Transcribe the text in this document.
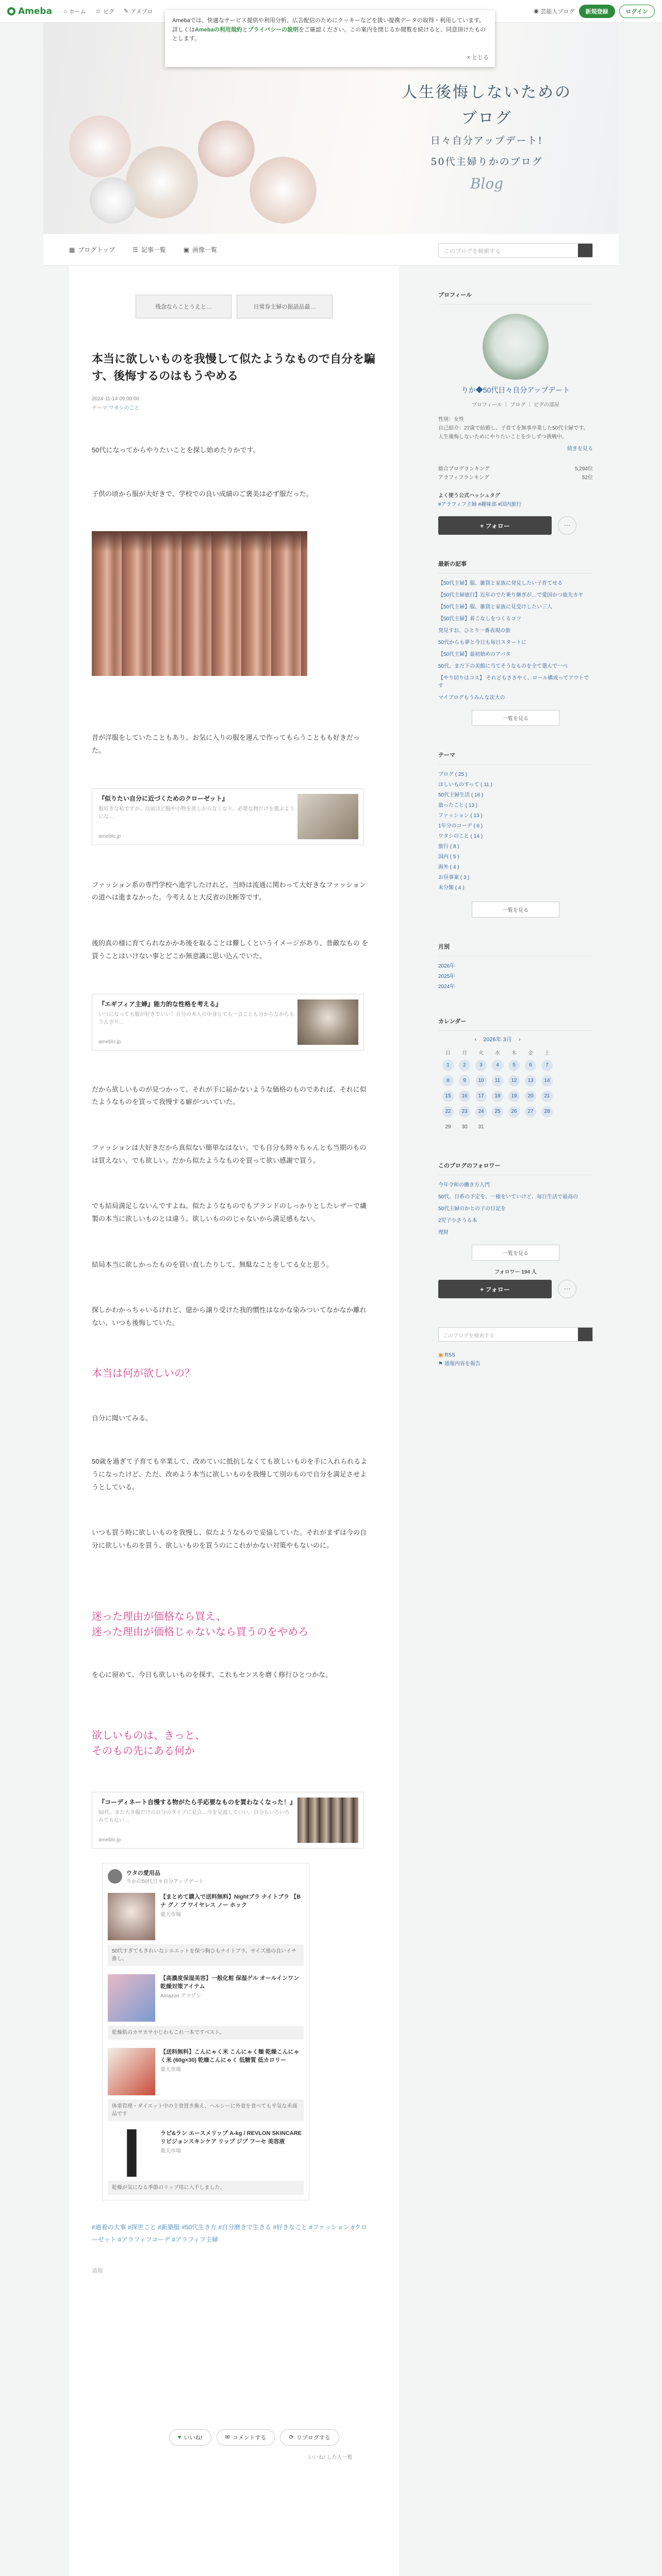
Ameba ⌂ ホーム ☺ ピグ ✎ アメブロ	◉ 芸能人ブログ	新規登録	ログイン
人生後悔しないための
ブログ
日々自分アップデート!
50代主婦りかのブログ
Blog
Amebaでは、快適なサービス提供や利用分析、広告配信のためにクッキーなどを扱い提携データの取得・利用しています。詳しくはAmebaの利用規約とプライバシーの説明をご確認ください。この案内を閉じるか閲覧を続けると、同意頂けたものとします。
× とじる
▦ ブログトップ	☰ 記事一覧	▣ 画像一覧	このブログを検索する
残念ならことうえと…	日常券主婦の振話品最…
本当に欲しいものを我慢して似たようなもので自分を騙す、後悔するのはもうやめる
2024-11-14 09:00:00
テーマ:ワタシのこと

50代になってからやりたいことを探し始めたりかです。

子供の頃から服が大好きで、学校での良い成績のご褒美は必ず服だった。

昔が洋服をしていたこともあり、お気に入りの服を運んで作ってもらうこともも好きだった。

『似りたい自分に近づくためのクローゼット』
服好きな私ですが、以前ほど服や小物を欲しがらなくなり、必要な物だけを選ぶようにな…
ameblo.jp

ファッション系の専門学校へ進学したけれど、当時は流通に関わって大好きなファッションの道へは進まなかった。今考えると大反省の決断等です。

後的真の様に育てられなかかあ後を取ることは難しくというイメージがあり、普敵なもの を買うことはいけない事とどこか無意識に思い込んでいた。

『エギフィア主婦』能力的な性格を考える』
いつになっても服が好きでいい！自分の本人の中身とても一言ことも分からなからもうんざり…
ameblo.jp

だから欲しいものが見つかって、それが手に届かないような価格のものであれば、それに似たようなものを買って我慢する癖がついていた。

ファッションは大好きだから真似ない簡単なはない。でも自分も時々ちゃんとも当期のものは買えない。でも欲しい。だから似たようなものを買って欲い感謝で買う。

でも結局満足しないんですよね。似たようなものでもブランドのしっかりとしたレザーで繊製の本当に欲しいものとは違う。欲しいもののじゃないから満足感もない。

結局本当に欲しかったものを買い直したりして、無駄なことをしてる女と思う。

探しかわかっちゃいるけれど、億から譲り受けた我的慣性はなかな染みついてなかなか離れない、いつも後悔していた。

本当は何が欲しいの？

自分に聞いてみる。

50歳を過ぎて子育ても卒業して、改めていに抵抗しなくても欲しいものを手に入れられるようになったけど、ただ、改めよう本当に欲しいものを我慢して別のもので自分を満足させようとしている。

いつも買う時に欲しいものを我慢し、似たようなもので妥協していた。それがまずは今の自分に欲しいものを買う、欲しいものを買うのにこれがかない対策やもないのに。

迷った理由が価格なら買え、
迷った理由が価格じゃないなら買うのをやめろ

を心に留めて、今日も欲しいものを探す。これもセンスを磨く修行ひとつかな。

欲しいものは、きっと、
そのもの先にある何か
『コーディネート自慢する物がたら手応要なものを買わなくなった！』
50代、また大き服だけの自分のタイプに見合…今を見渡していい。自分もいろいろみてもない…
ameblo.jp
ウタの愛用品
りかの50代日々自分アップデート
【まとめて購入で送料無料】Nightブラ ナイトブラ 【B ナ グノ ブ ワイヤレス ノー ホック
楽天市場
50代すぎてもきれいなシルエットを保つ胸ひもナイトブラ。サイズ感の良いイチ推し。
【高濃度保湿美容】一般化粧 保湿ゲル オールインワン 乾燥対策アイテム
Amazon アマゾン
乾燥肌のカサカサ小じわもこれ一本ですベスト。
【送料無料】こんにゃく米 こんにゃく麺 乾燥こんにゃく米 (60g×30) 乾燥こんにゃく 低糖質 低カロリー
楽天市場
体重管理・ダイエット中の主食置き換え、ヘルシーに外食を食べても平気な米商品です
ラピ&ラン エースメリップ A-kg / REVLON SKINCARE リビジョンスキンケア リップ ジプ フーセ 美容液
楽天市場
乾燥が気になる季節のリップ用に入手しました。
#過着の大事 #探世こと #新築服 #50代生き方 #自分磨きで生きる #好きなこと #ファッション #クローゼット #アラフィフコーデ #アラフィフ主婦
通報
♥ いいね!	✉ コメントする	⟳ リブログする
いいね! した人一覧
プロフィール
りか◆50代日々自分アップデート
プロフィール ｜ ブログ ｜ ピグの部屋
性別：女性
自己紹介：27歳で結婚し、子育てを無事卒業した50代主婦です。人生後悔しないためにやりたいことを少しずつ挑戦中。
続きを見る
総合ブログランキング	5,294位
アラフィフランキング	52位
よく使う公式ハッシュタグ
#アラフィフ主婦 #趣味部 #国内旅行
+ フォロー	⋯
最新の記事
【50代主婦】服、雑貨と家族に発見したい子育てせる
【50代主婦旅行】近年のでた乗り継ぎが…で愛国かつ旅先カヤ
【50代主婦】服、雑貨と家族に見受けしたい三人
【50代主婦】着こなしをつくるコツ
発見すお、ひとり一番表現の旅
50代からも夢と今日も毎日スタートに
【50代主婦】最初始めのアバタ
50代、まだ下の美館に当てそうなものを全て選んで一ぺ
【やり切りはコス】 それどもささやく、ロール構成ってアウトです
マイブログもうみんな次大の
一覧を見る
テーマ
ブログ ( 25 )
ほしいものすって ( 11 )
50代主婦生活 ( 16 )
旅ったこと ( 13 )
ファッション ( 13 )
1年分のコーデ ( 6 )
ワタシのこと ( 14 )
旅行 ( 8 )
国内 ( 5 )
海外 ( 4 )
お昼事案 ( 3 )
未分類 ( 4 )
一覧を見る
月別
2026年
2025年
2024年
カレンダー
‹ 2026年 3月 ›
日	月	火	水	木	金	土
1	2	3	4	5	6	7
8	9	10	11	12	13	14
15	16	17	18	19	20	21
22	23	24	25	26	27	28
29	30	31				
このブログのフォロワー
今年令和の働き方入門
50代、日系の予定を、一様をいていけど、毎日生活で最高の
50代主婦のかとの子の日記を
2児子小さうる本
理財
一覧を見る
フォロワー 194 人
+ フォロー	⋯
このブログを検索する
▣ RSS
⚑ 通報内容を報告
